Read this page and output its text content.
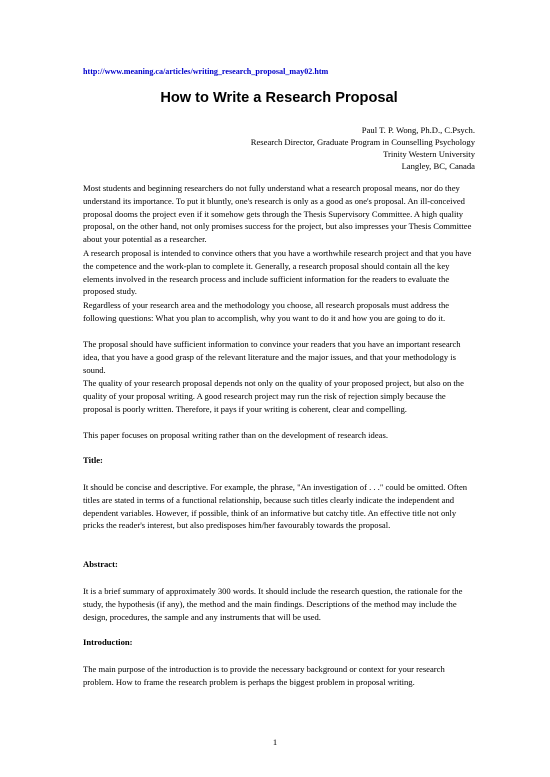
http://www.meaning.ca/articles/writing_research_proposal_may02.htm
How to Write a Research Proposal
Paul T. P. Wong, Ph.D., C.Psych.
Research Director, Graduate Program in Counselling Psychology
Trinity Western University
Langley, BC, Canada

Most students and beginning researchers do not fully understand what a research proposal means, nor do they understand its importance. To put it bluntly, one's research is only as a good as one's proposal. An ill-conceived proposal dooms the project even if it somehow gets through the Thesis Supervisory Committee. A high quality proposal, on the other hand, not only promises success for the project, but also impresses your Thesis Committee about your potential as a researcher.

A research proposal is intended to convince others that you have a worthwhile research project and that you have the competence and the work-plan to complete it. Generally, a research proposal should contain all the key elements involved in the research process and include sufficient information for the readers to evaluate the proposed study.

Regardless of your research area and the methodology you choose, all research proposals must address the following questions: What you plan to accomplish, why you want to do it and how you are going to do it.

The proposal should have sufficient information to convince your readers that you have an important research idea, that you have a good grasp of the relevant literature and the major issues, and that your methodology is sound.

The quality of your research proposal depends not only on the quality of your proposed project, but also on the quality of your proposal writing. A good research project may run the risk of rejection simply because the proposal is poorly written. Therefore, it pays if your writing is coherent, clear and compelling.

This paper focuses on proposal writing rather than on the development of research ideas.

Title:

It should be concise and descriptive. For example, the phrase, "An investigation of . . ." could be omitted. Often titles are stated in terms of a functional relationship, because such titles clearly indicate the independent and dependent variables. However, if possible, think of an informative but catchy title. An effective title not only pricks the reader's interest, but also predisposes him/her favourably towards the proposal.

Abstract:

It is a brief summary of approximately 300 words. It should include the research question, the rationale for the study, the hypothesis (if any), the method and the main findings. Descriptions of the method may include the design, procedures, the sample and any instruments that will be used.

Introduction:

The main purpose of the introduction is to provide the necessary background or context for your research problem. How to frame the research problem is perhaps the biggest problem in proposal writing.

1
